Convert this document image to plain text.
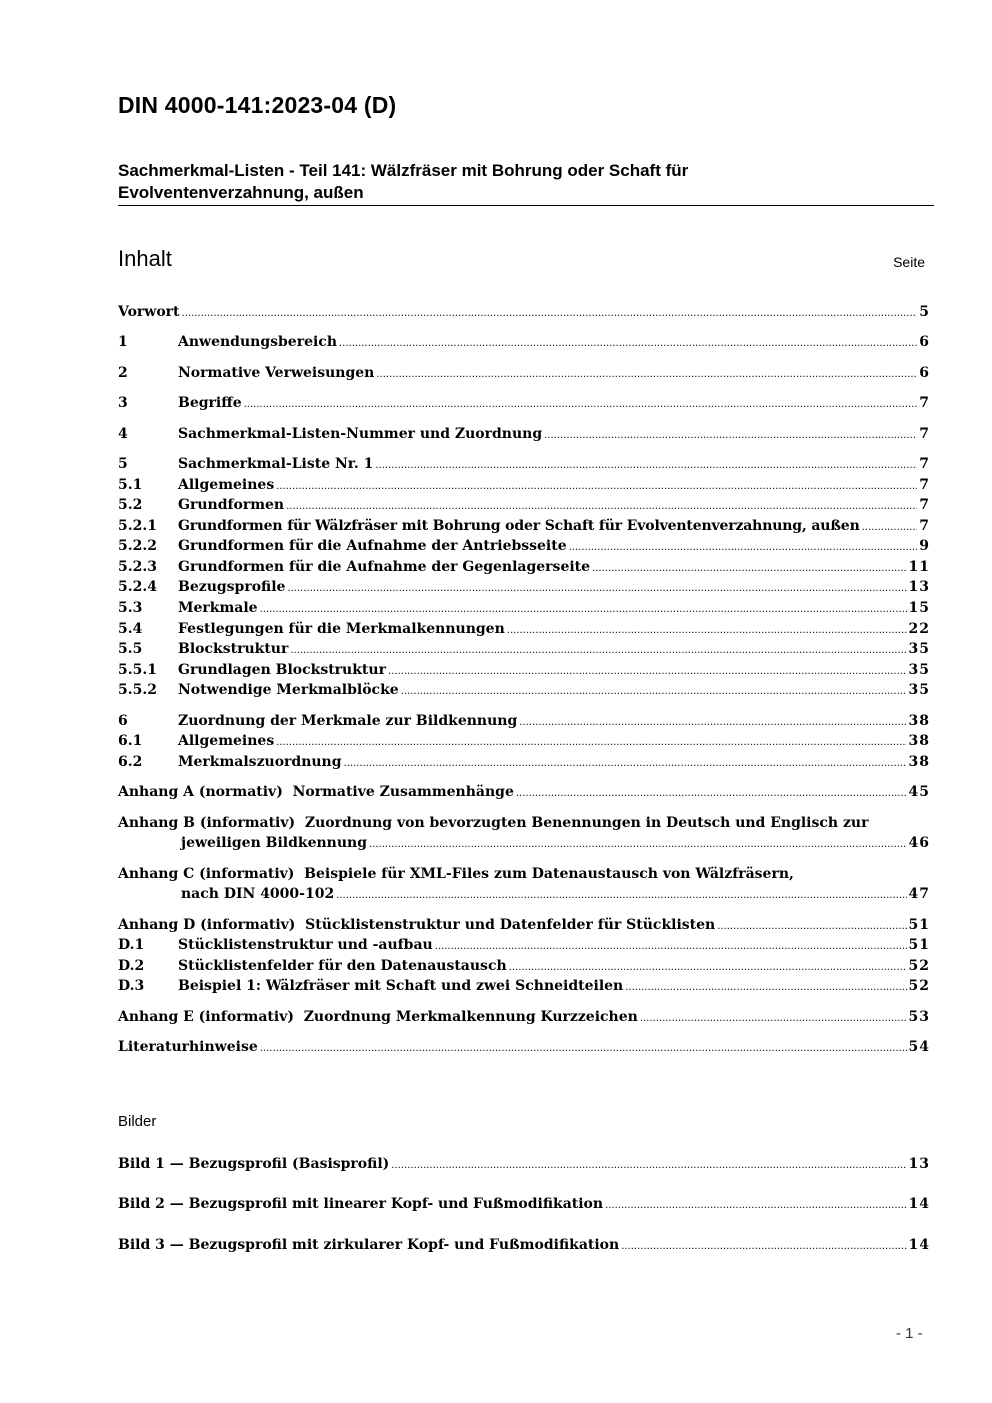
DIN 4000-141:2023-04 (D)
Sachmerkmal-Listen - Teil 141: Wälzfräser mit Bohrung oder Schaft für
Evolventenverzahnung, außen
Inhalt	Seite
Vorwort .....	5
1	Anwendungsbereich .....	6
2	Normative Verweisungen .....	6
3	Begriffe .....	7
4	Sachmerkmal-Listen-Nummer und Zuordnung .....	7
5	Sachmerkmal-Liste Nr. 1 .....	7
5.1	Allgemeines .....	7
5.2	Grundformen .....	7
5.2.1	Grundformen für Wälzfräser mit Bohrung oder Schaft für Evolventenverzahnung, außen .....	7
5.2.2	Grundformen für die Aufnahme der Antriebsseite .....	9
5.2.3	Grundformen für die Aufnahme der Gegenlagerseite .....	11
5.2.4	Bezugsprofile .....	13
5.3	Merkmale .....	15
5.4	Festlegungen für die Merkmalkennungen .....	22
5.5	Blockstruktur .....	35
5.5.1	Grundlagen Blockstruktur .....	35
5.5.2	Notwendige Merkmalblöcke .....	35
6	Zuordnung der Merkmale zur Bildkennung .....	38
6.1	Allgemeines .....	38
6.2	Merkmalszuordnung .....	38
Anhang A (normativ)  Normative Zusammenhänge .....	45
Anhang B (informativ)  Zuordnung von bevorzugten Benennungen in Deutsch und Englisch zur
jeweiligen Bildkennung .....	46
Anhang C (informativ)  Beispiele für XML-Files zum Datenaustausch von Wälzfräsern,
nach DIN 4000-102 .....	47
Anhang D (informativ)  Stücklistenstruktur und Datenfelder für Stücklisten .....	51
D.1	Stücklistenstruktur und -aufbau .....	51
D.2	Stücklistenfelder für den Datenaustausch .....	52
D.3	Beispiel 1: Wälzfräser mit Schaft und zwei Schneidteilen .....	52
Anhang E (informativ)  Zuordnung Merkmalkennung Kurzzeichen .....	53
Literaturhinweise .....	54
Bild 1 — Bezugsprofil (Basisprofil) .....	13
Bild 2 — Bezugsprofil mit linearer Kopf- und Fußmodifikation .....	14
Bild 3 — Bezugsprofil mit zirkularer Kopf- und Fußmodifikation .....	14
Bilder
- 1 -
